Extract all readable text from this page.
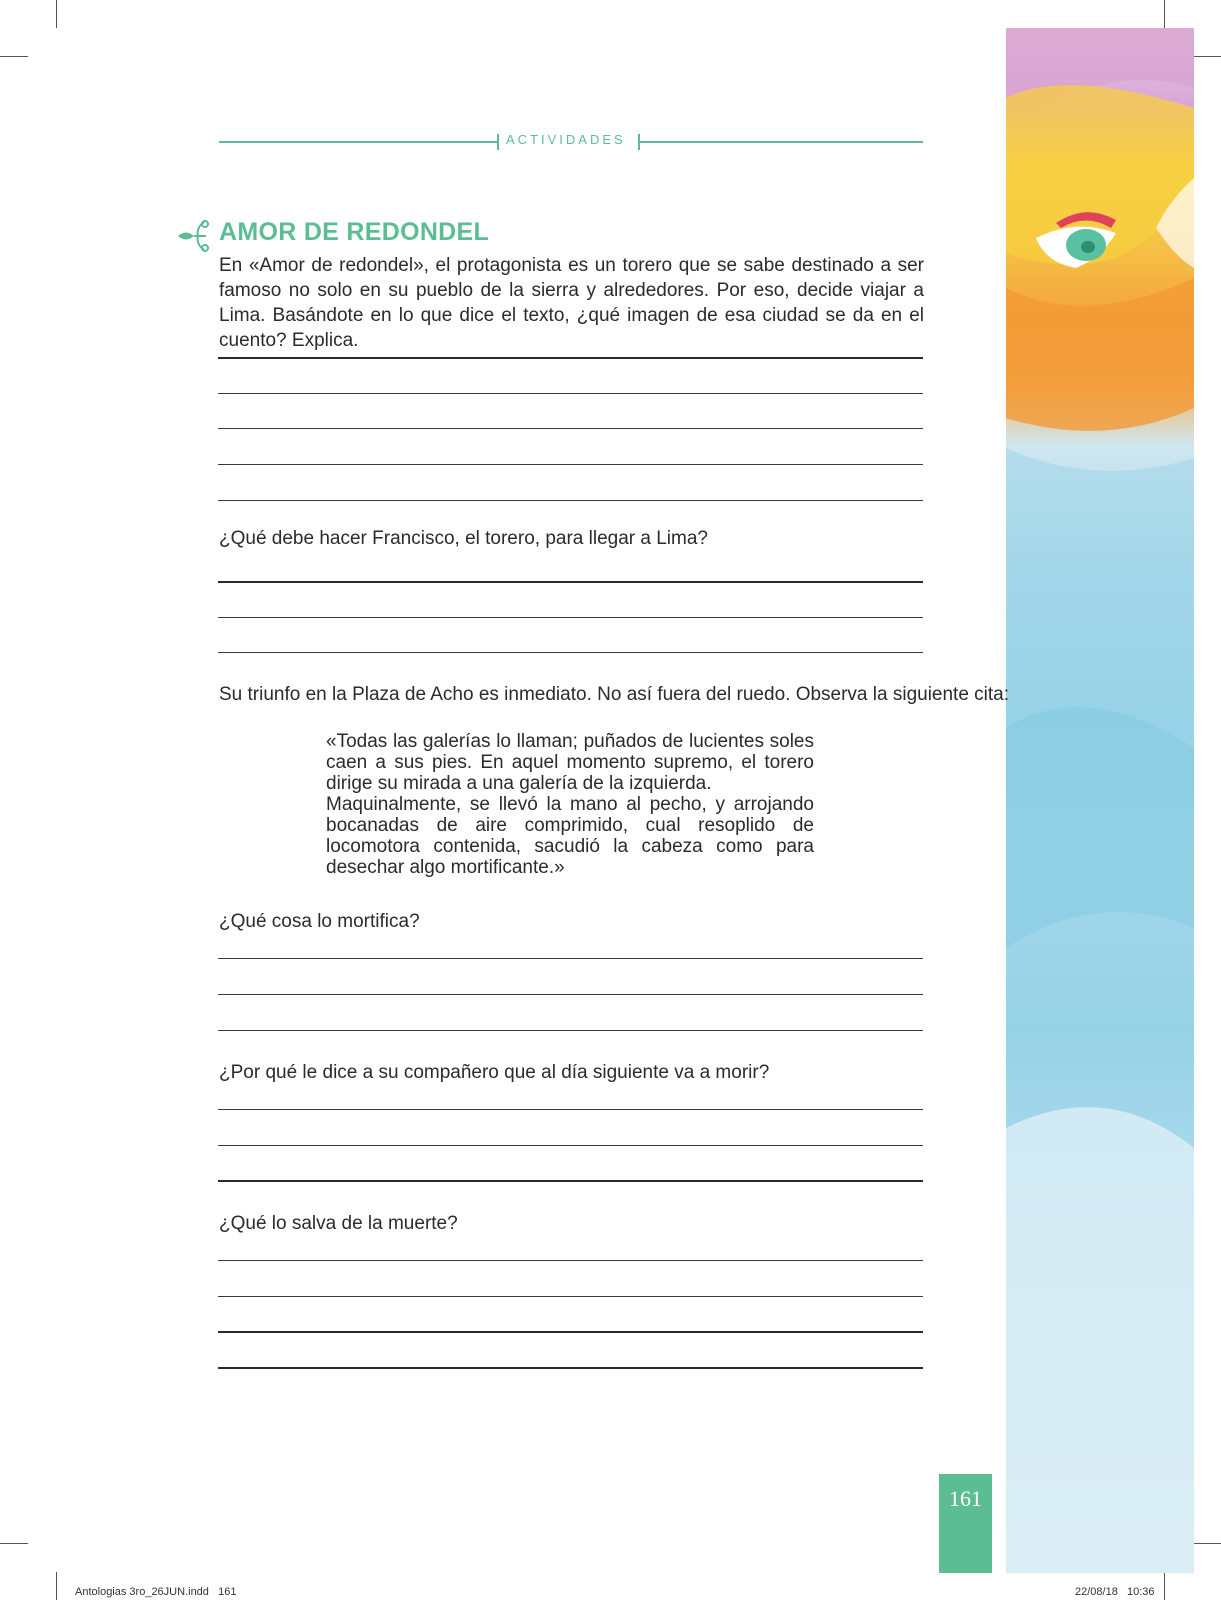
ACTIVIDADES
AMOR DE REDONDEL
En «Amor de redondel», el protagonista es un torero que se sabe destinado a ser famoso no solo en su pueblo de la sierra y alrededores. Por eso, decide viajar a Lima. Basándote en lo que dice el texto, ¿qué imagen de esa ciudad se da en el cuento? Explica.
¿Qué debe hacer Francisco, el torero, para llegar a Lima?
Su triunfo en la Plaza de Acho es inmediato. No así fuera del ruedo. Observa la siguiente cita:

«Todas las galerías lo llaman; puñados de lucientes soles caen a sus pies. En aquel momento supremo, el torero dirige su mirada a una galería de la izquierda.

Maquinalmente, se llevó la mano al pecho, y arrojando bocanadas de aire comprimido, cual resoplido de locomotora contenida, sacudió la cabeza como para desechar algo mortificante.»

¿Qué cosa lo mortifica?
¿Por qué le dice a su compañero que al día siguiente va a morir?
¿Qué lo salva de la muerte?
161
Antologias 3ro_26JUN.indd   161	22/08/18   10:36
